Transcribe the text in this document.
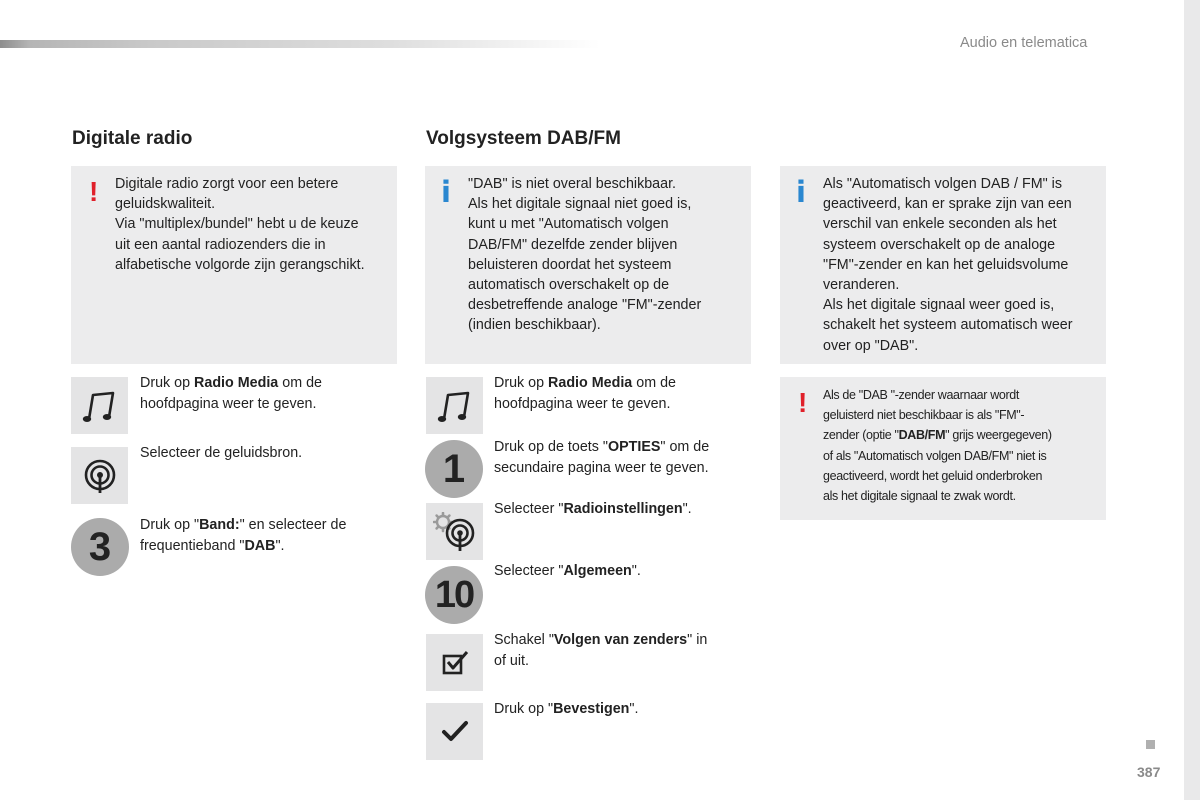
Audio en telematica
387
Digitale radio
! Digitale radio zorgt voor een betere
geluidskwaliteit.
Via "multiplex/bundel" hebt u de keuze
uit een aantal radiozenders die in
alfabetische volgorde zijn gerangschikt.

Druk op Radio Media om de
hoofdpagina weer te geven.
Selecteer de geluidsbron.
3	Druk op "Band:" en selecteer de
frequentieband "DAB".
Volgsysteem DAB/FM
i "DAB" is niet overal beschikbaar.
Als het digitale signaal niet goed is,
kunt u met "Automatisch volgen
DAB/FM" dezelfde zender blijven
beluisteren doordat het systeem
automatisch overschakelt op de
desbetreffende analoge "FM"-zender
(indien beschikbaar).

Druk op Radio Media om de
hoofdpagina weer te geven.
1	Druk op de toets "OPTIES" om de
secundaire pagina weer te geven.
Selecteer "Radioinstellingen".
10
Selecteer "Algemeen".
Schakel "Volgen van zenders" in
of uit.
Druk op "Bevestigen".
i Als "Automatisch volgen DAB / FM" is
geactiveerd, kan er sprake zijn van een
verschil van enkele seconden als het
systeem overschakelt op de analoge
"FM"-zender en kan het geluidsvolume
veranderen.
Als het digitale signaal weer goed is,
schakelt het systeem automatisch weer
over op "DAB".

! Als de "DAB "-zender waarnaar wordt
geluisterd niet beschikbaar is als "FM"-
zender (optie "DAB/FM" grijs weergegeven)
of als "Automatisch volgen DAB/FM" niet is
geactiveerd, wordt het geluid onderbroken
als het digitale signaal te zwak wordt.
